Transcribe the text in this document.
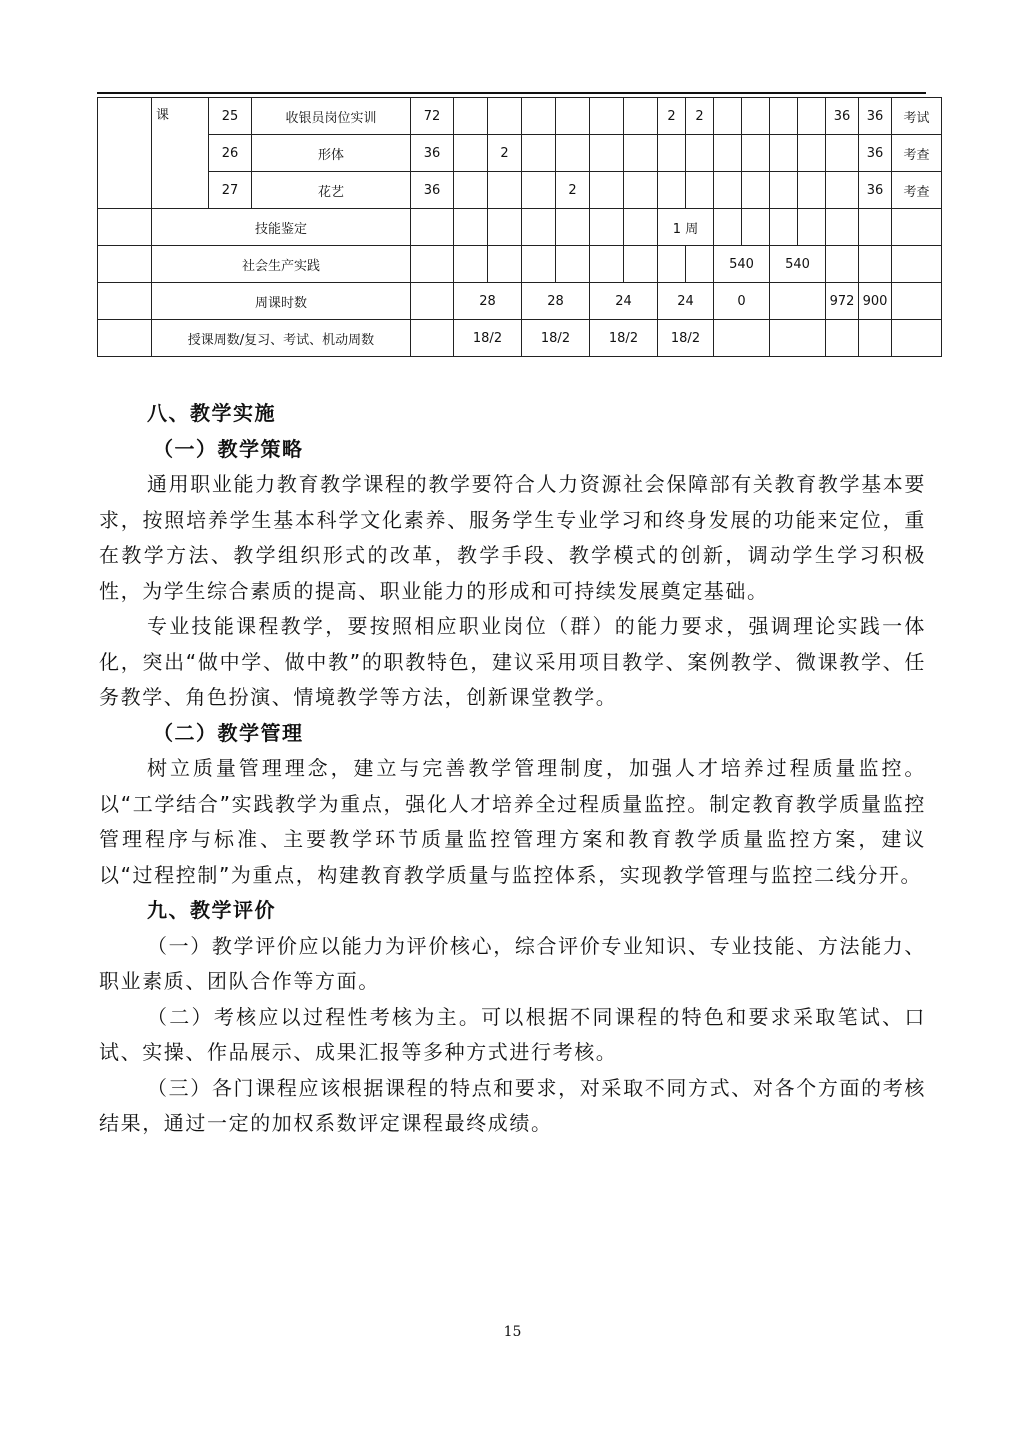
	课	25	收银员岗位实训	72							2	2					36	36	考试
		26	形体	36		2												36	考查
		27	花艺	36				2										36	考查
	技能鉴定										1 周								
	社会生产实践												540		540				
	周课时数				28		28		24		24		0				972	900	
	授课周数/复习、考试、机动周数				18/2		18/2		18/2		18/2								

八、教学实施

（一）教学策略

通用职业能力教育教学课程的教学要符合人力资源社会保障部有关教育教学基本要求，按照培养学生基本科学文化素养、服务学生专业学习和终身发展的功能来定位，重在教学方法、教学组织形式的改革，教学手段、教学模式的创新，调动学生学习积极性，为学生综合素质的提高、职业能力的形成和可持续发展奠定基础。

专业技能课程教学，要按照相应职业岗位（群）的能力要求，强调理论实践一体化，突出“做中学、做中教”的职教特色，建议采用项目教学、案例教学、微课教学、任务教学、角色扮演、情境教学等方法，创新课堂教学。

（二）教学管理

树立质量管理理念，建立与完善教学管理制度，加强人才培养过程质量监控。以“工学结合”实践教学为重点，强化人才培养全过程质量监控。制定教育教学质量监控管理程序与标准、主要教学环节质量监控管理方案和教育教学质量监控方案，建议以“过程控制”为重点，构建教育教学质量与监控体系，实现教学管理与监控二线分开。

九、教学评价

（一）教学评价应以能力为评价核心，综合评价专业知识、专业技能、方法能力、职业素质、团队合作等方面。

（二）考核应以过程性考核为主。可以根据不同课程的特色和要求采取笔试、口试、实操、作品展示、成果汇报等多种方式进行考核。

（三）各门课程应该根据课程的特点和要求，对采取不同方式、对各个方面的考核结果，通过一定的加权系数评定课程最终成绩。

15
